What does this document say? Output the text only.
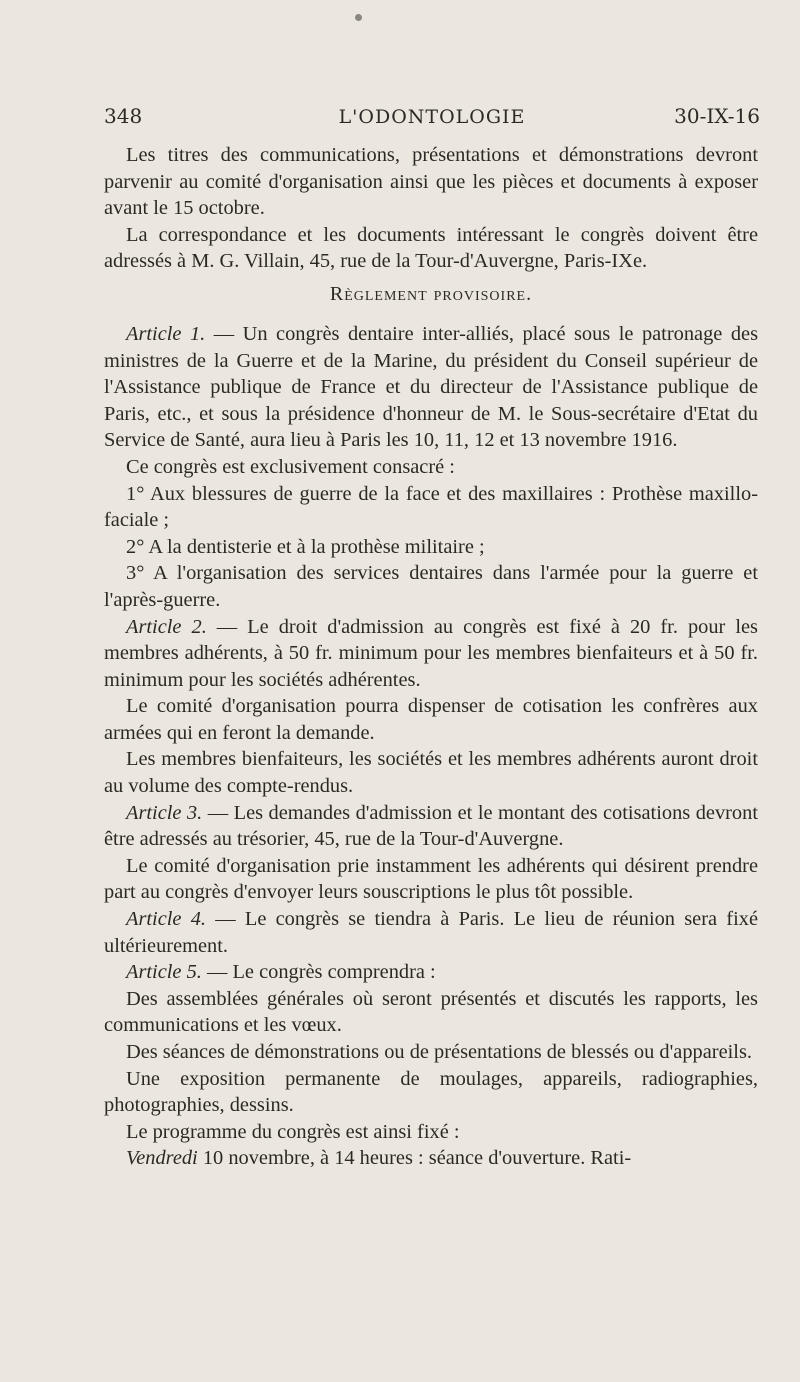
348	L'ODONTOLOGIE	30-IX-16

Les titres des communications, présentations et démonstrations devront parvenir au comité d'organisation ainsi que les pièces et documents à exposer avant le 15 octobre.

La correspondance et les documents intéressant le congrès doivent être adressés à M. G. Villain, 45, rue de la Tour-d'Auvergne, Paris-IXe.

Règlement provisoire.

Article 1. — Un congrès dentaire inter-alliés, placé sous le patronage des ministres de la Guerre et de la Marine, du président du Conseil supérieur de l'Assistance publique de France et du directeur de l'Assistance publique de Paris, etc., et sous la présidence d'honneur de M. le Sous-secrétaire d'Etat du Service de Santé, aura lieu à Paris les 10, 11, 12 et 13 novembre 1916.

Ce congrès est exclusivement consacré :

1° Aux blessures de guerre de la face et des maxillaires : Prothèse maxillo-faciale ;

2° A la dentisterie et à la prothèse militaire ;

3° A l'organisation des services dentaires dans l'armée pour la guerre et l'après-guerre.

Article 2. — Le droit d'admission au congrès est fixé à 20 fr. pour les membres adhérents, à 50 fr. minimum pour les membres bienfaiteurs et à 50 fr. minimum pour les sociétés adhérentes.

Le comité d'organisation pourra dispenser de cotisation les confrères aux armées qui en feront la demande.

Les membres bienfaiteurs, les sociétés et les membres adhérents auront droit au volume des compte-rendus.

Article 3. — Les demandes d'admission et le montant des cotisations devront être adressés au trésorier, 45, rue de la Tour-d'Auvergne.

Le comité d'organisation prie instamment les adhérents qui désirent prendre part au congrès d'envoyer leurs souscriptions le plus tôt possible.

Article 4. — Le congrès se tiendra à Paris. Le lieu de réunion sera fixé ultérieurement.

Article 5. — Le congrès comprendra :

Des assemblées générales où seront présentés et discutés les rapports, les communications et les vœux.

Des séances de démonstrations ou de présentations de blessés ou d'appareils.

Une exposition permanente de moulages, appareils, radiographies, photographies, dessins.

Le programme du congrès est ainsi fixé :

Vendredi 10 novembre, à 14 heures : séance d'ouverture. Rati-
